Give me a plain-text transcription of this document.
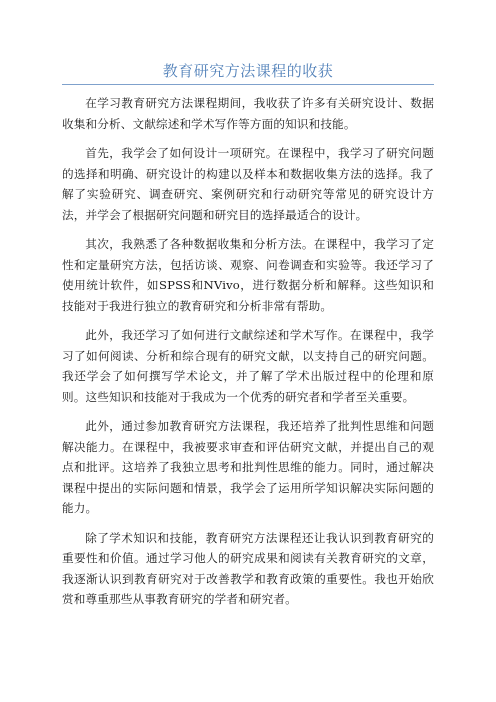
教育研究方法课程的收获

在学习教育研究方法课程期间，我收获了许多有关研究设计、数据收集和分析、文献综述和学术写作等方面的知识和技能。

首先，我学会了如何设计一项研究。在课程中，我学习了研究问题的选择和明确、研究设计的构建以及样本和数据收集方法的选择。我了解了实验研究、调查研究、案例研究和行动研究等常见的研究设计方法，并学会了根据研究问题和研究目的选择最适合的设计。

其次，我熟悉了各种数据收集和分析方法。在课程中，我学习了定性和定量研究方法，包括访谈、观察、问卷调查和实验等。我还学习了使用统计软件，如SPSS和NVivo，进行数据分析和解释。这些知识和技能对于我进行独立的教育研究和分析非常有帮助。

此外，我还学习了如何进行文献综述和学术写作。在课程中，我学习了如何阅读、分析和综合现有的研究文献，以支持自己的研究问题。我还学会了如何撰写学术论文，并了解了学术出版过程中的伦理和原则。这些知识和技能对于我成为一个优秀的研究者和学者至关重要。

此外，通过参加教育研究方法课程，我还培养了批判性思维和问题解决能力。在课程中，我被要求审查和评估研究文献，并提出自己的观点和批评。这培养了我独立思考和批判性思维的能力。同时，通过解决课程中提出的实际问题和情景，我学会了运用所学知识解决实际问题的能力。

除了学术知识和技能，教育研究方法课程还让我认识到教育研究的重要性和价值。通过学习他人的研究成果和阅读有关教育研究的文章，我逐渐认识到教育研究对于改善教学和教育政策的重要性。我也开始欣赏和尊重那些从事教育研究的学者和研究者。
